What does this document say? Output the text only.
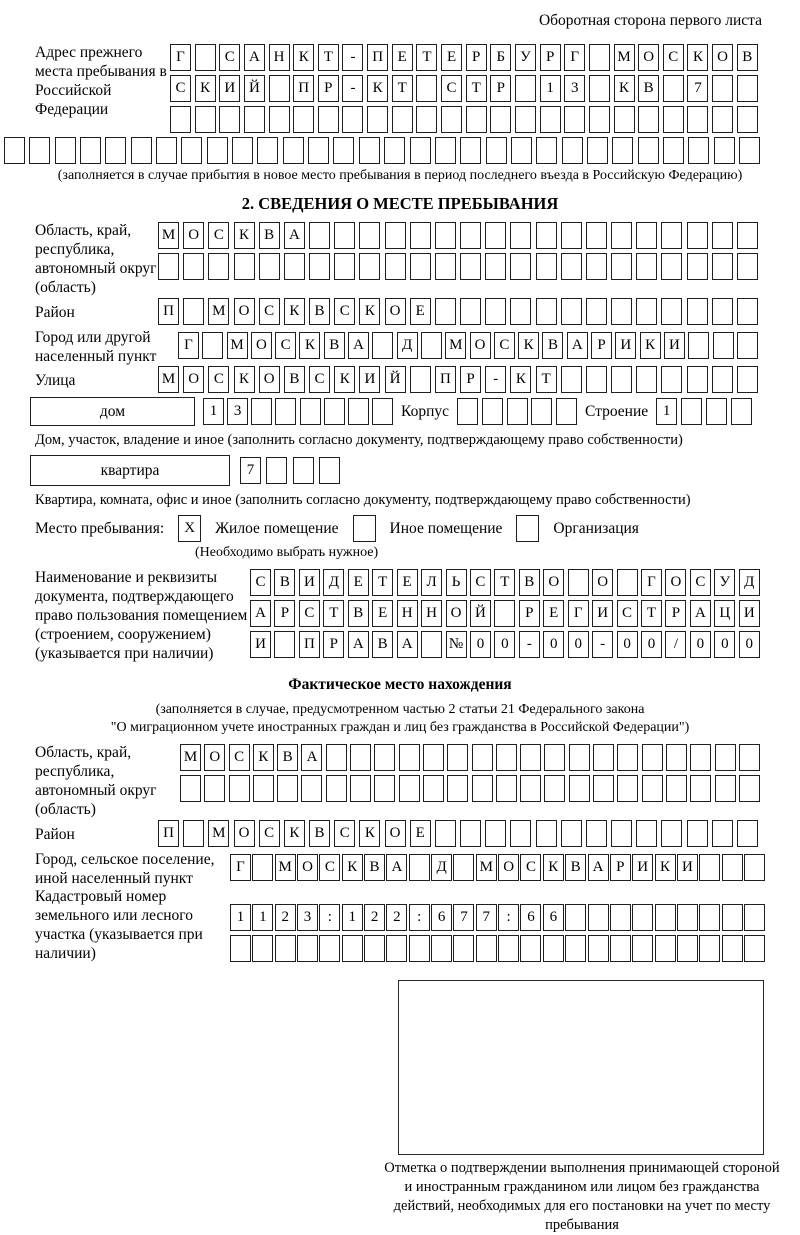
Оборотная сторона первого листа
Адрес прежнего места пребывания в Российской Федерации
Г	С А Н К	Т	-	П Е	Т	Е	Р	Б	У	Р	Г	М О С К О В
С К И Й	П	Р	-	К	Т	С	Т	Р	1	3	К В	7
(заполняется в случае прибытия в новое место пребывания в период последнего въезда в Российскую Федерацию)
2. СВЕДЕНИЯ О МЕСТЕ ПРЕБЫВАНИЯ
Область, край, республика, автономный округ (область)
М О С	К	В А
Район	П	М О С	К	В	С	К О	Е
Город или другой населенный пункт
Г	М О С К В А	Д	М О С К В А Р И К И
Улица	М О С	К О В	С	К И Й	П	Р	-	К	Т
дом	1	3	Корпус	Строение 1
Дом, участок, владение и иное (заполнить согласно документу, подтверждающему право собственности)
квартира	7
Квартира, комната, офис и иное (заполнить согласно документу, подтверждающему право собственности)
Место пребывания:	X	Жилое помещение	Иное помещение	Организация
(Необходимо выбрать нужное)
Наименование и реквизиты документа, подтверждающего право пользования помещением (строением, сооружением) (указывается при наличии)
С В И Д Е	Т	Е Л	Ь	С Т В О	О	Г О С У Д
А Р	С Т В Е Н Н О Й	Р	Е	Г И С Т	Р А Ц И
И	П Р А В А	№ 0	0	-	0	0	-	0	0	/	0	0	0
Фактическое место нахождения
(заполняется в случае, предусмотренном частью 2 статьи 21 Федерального закона
"О миграционном учете иностранных граждан и лиц без гражданства в Российской Федерации")
Область, край, республика, автономный округ (область)
М О С К В А
Район	П	М О С	К	В	С	К О	Е
Город, сельское поселение, иной населенный пункт
Г	М О С К В А	Д	М О С К В А Р И К И
Кадастровый номер земельного или лесного участка (указывается при наличии)
1 1 2 3	:	1 2 2	:	6 7 7	:	6 6
Отметка о подтверждении выполнения принимающей стороной и иностранным гражданином или лицом без гражданства действий, необходимых для его постановки на учет по месту пребывания
